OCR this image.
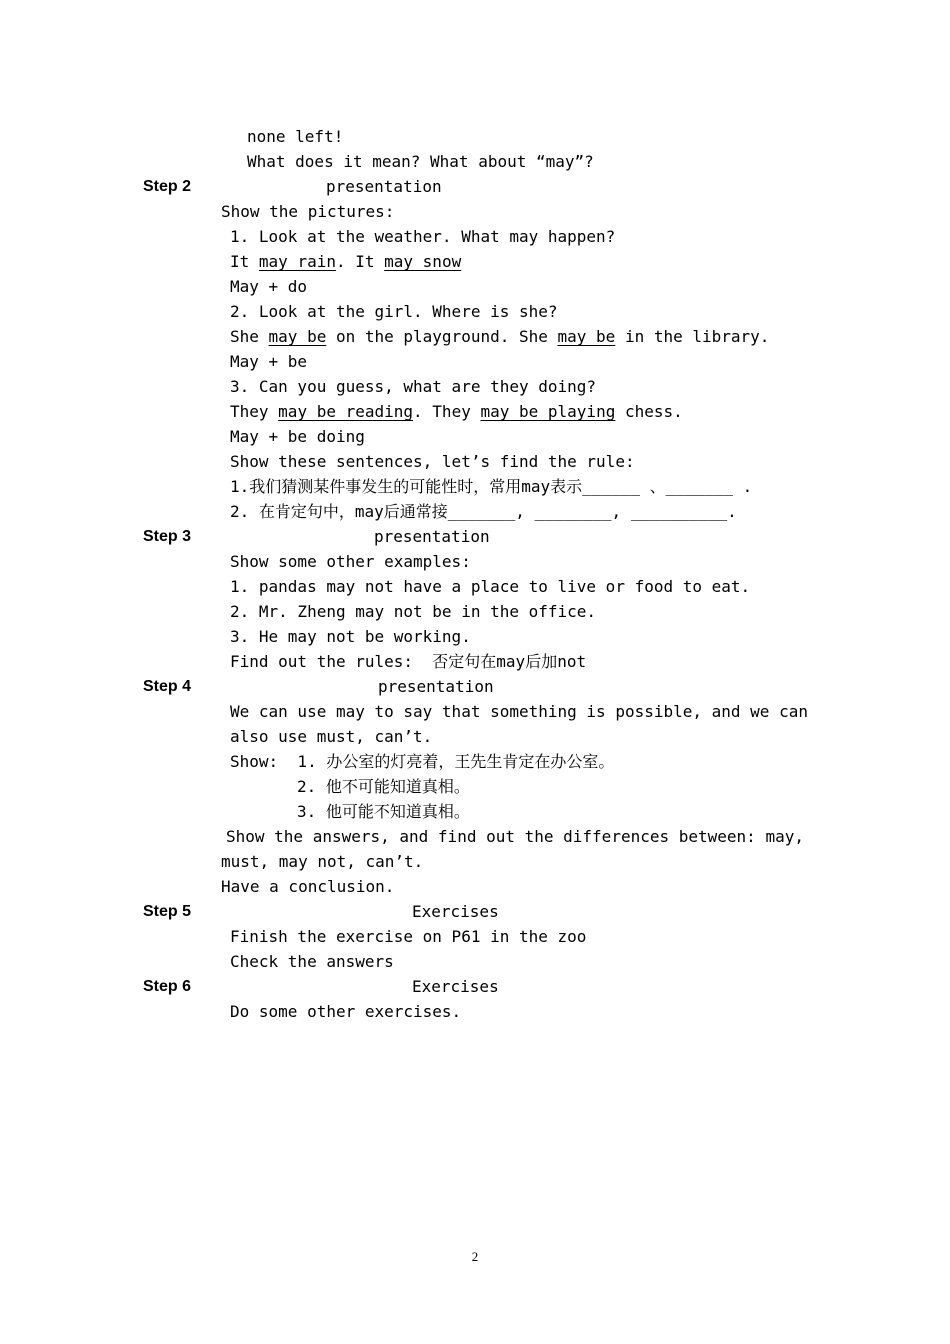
none left!
What does it mean? What about “may”?
Step 2	presentation
Show the pictures:
1. Look at the weather. What may happen?
It may rain. It may snow
May + do
2. Look at the girl. Where is she?
She may be on the playground. She may be in the library.
May + be
3. Can you guess, what are they doing?
They may be reading. They may be playing chess.
May + be doing
Show these sentences, let’s find the rule:
1.我们猜测某件事发生的可能性时，常用may表示______ 、_______ .
2. 在肯定句中，may后通常接_______, ________, __________.
Step 3	presentation
Show some other examples:
1. pandas may not have a place to live or food to eat.
2. Mr. Zheng may not be in the office.
3. He may not be working.
Find out the rules:  否定句在may后加not
Step 4	presentation
We can use may to say that something is possible, and we can
also use must, can’t.
Show:  1. 办公室的灯亮着，王先生肯定在办公室。
2. 他不可能知道真相。
3. 他可能不知道真相。
Show the answers, and find out the differences between: may,
must, may not, can’t.
Have a conclusion.
Step 5	Exercises
Finish the exercise on P61 in the zoo
Check the answers
Step 6	Exercises
Do some other exercises.
2
